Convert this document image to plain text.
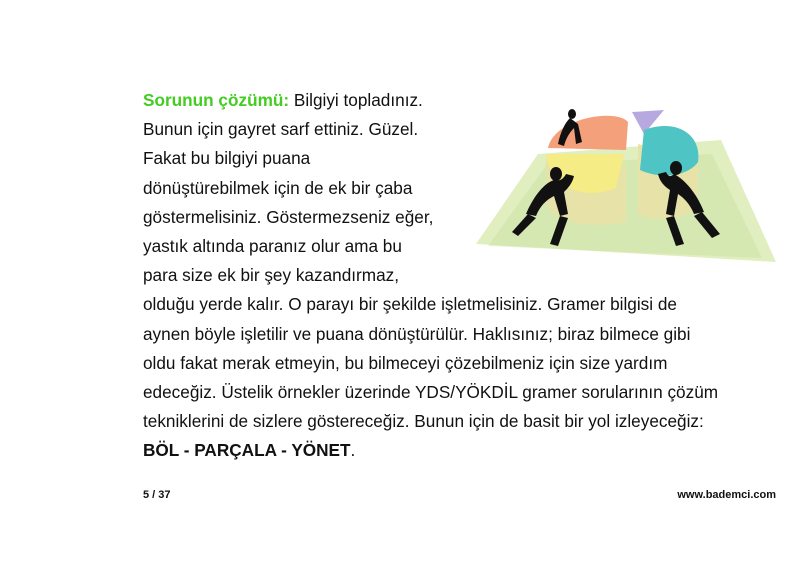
Sorunun çözümü: Bilgiyi topladınız.
Bunun için gayret sarf ettiniz. Güzel.
Fakat bu bilgiyi puana
dönüştürebilmek için de ek bir çaba
göstermelisiniz. Göstermezseniz eğer,
yastık altında paranız olur ama bu
para size ek bir şey kazandırmaz,
olduğu yerde kalır. O parayı bir şekilde işletmelisiniz. Gramer bilgisi de
aynen böyle işletilir ve puana dönüştürülür. Haklısınız; biraz bilmece gibi
oldu fakat merak etmeyin, bu bilmeceyi çözebilmeniz için size yardım
edeceğiz. Üstelik örnekler üzerinde YDS/YÖKDİL gramer sorularının çözüm
tekniklerini de sizlere göstereceğiz. Bunun için de basit bir yol izleyeceğiz:
BÖL - PARÇALA - YÖNET.
5 / 37	www.bademci.com
